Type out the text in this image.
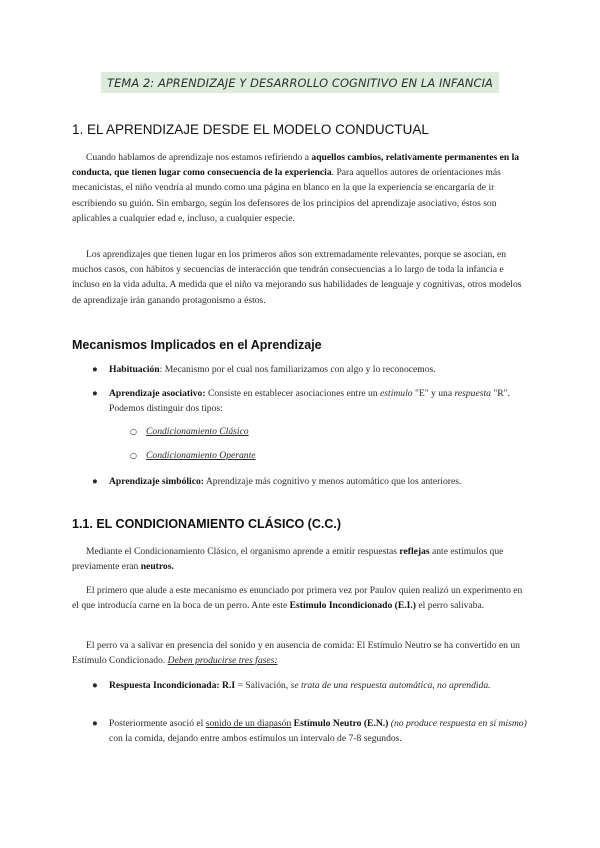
TEMA 2: APRENDIZAJE Y DESARROLLO COGNITIVO EN LA INFANCIA
1. EL APRENDIZAJE DESDE EL MODELO CONDUCTUAL

Cuando hablamos de aprendizaje nos estamos refiriendo a aquellos cambios, relativamente permanentes en la conducta, que tienen lugar como consecuencia de la experiencia. Para aquellos autores de orientaciones más mecanicistas, el niño vendría al mundo como una página en blanco en la que la experiencia se encargaría de ir escribiendo su guión. Sin embargo, según los defensores de los principios del aprendizaje asociativo, éstos son aplicables a cualquier edad e, incluso, a cualquier especie.

Los aprendizajes que tienen lugar en los primeros años son extremadamente relevantes, porque se asocian, en muchos casos, con hábitos y secuencias de interacción que tendrán consecuencias a lo largo de toda la infancia e incluso en la vida adulta. A medida que el niño va mejorando sus habilidades de lenguaje y cognitivas, otros modelos de aprendizaje irán ganando protagonismo a éstos.

Mecanismos Implicados en el Aprendizaje
●	Habituación: Mecanismo por el cual nos familiarizamos con algo y lo reconocemos.
●	Aprendizaje asociativo: Consiste en establecer asociaciones entre un estímulo "E" y una respuesta "R". Podemos distinguir dos tipos:
○ Condicionamiento Clásico
○ Condicionamiento Operante
●	Aprendizaje simbólico: Aprendizaje más cognitivo y menos automático que los anteriores.
1.1. EL CONDICIONAMIENTO CLÁSICO (C.C.)

Mediante el Condicionamiento Clásico, el organismo aprende a emitir respuestas reflejas ante estímulos que previamente eran neutros.

El primero que alude a este mecanismo es enunciado por primera vez por Paulov quien realizó un experimento en el que introducía carne en la boca de un perro. Ante este Estímulo Incondicionado (E.I.) el perro salivaba.

El perro va a salivar en presencia del sonido y en ausencia de comida: El Estímulo Neutro se ha convertido en un Estímulo Condicionado. Deben producirse tres fases:

●	Respuesta Incondicionada: R.I = Salivación, se trata de una respuesta automática, no aprendida.
●	Posteriormente asoció el sonido de un diapasón Estímulo Neutro (E.N.) (no produce respuesta en sí mismo) con la comida, dejando entre ambos estímulos un intervalo de 7-8 segundos.
